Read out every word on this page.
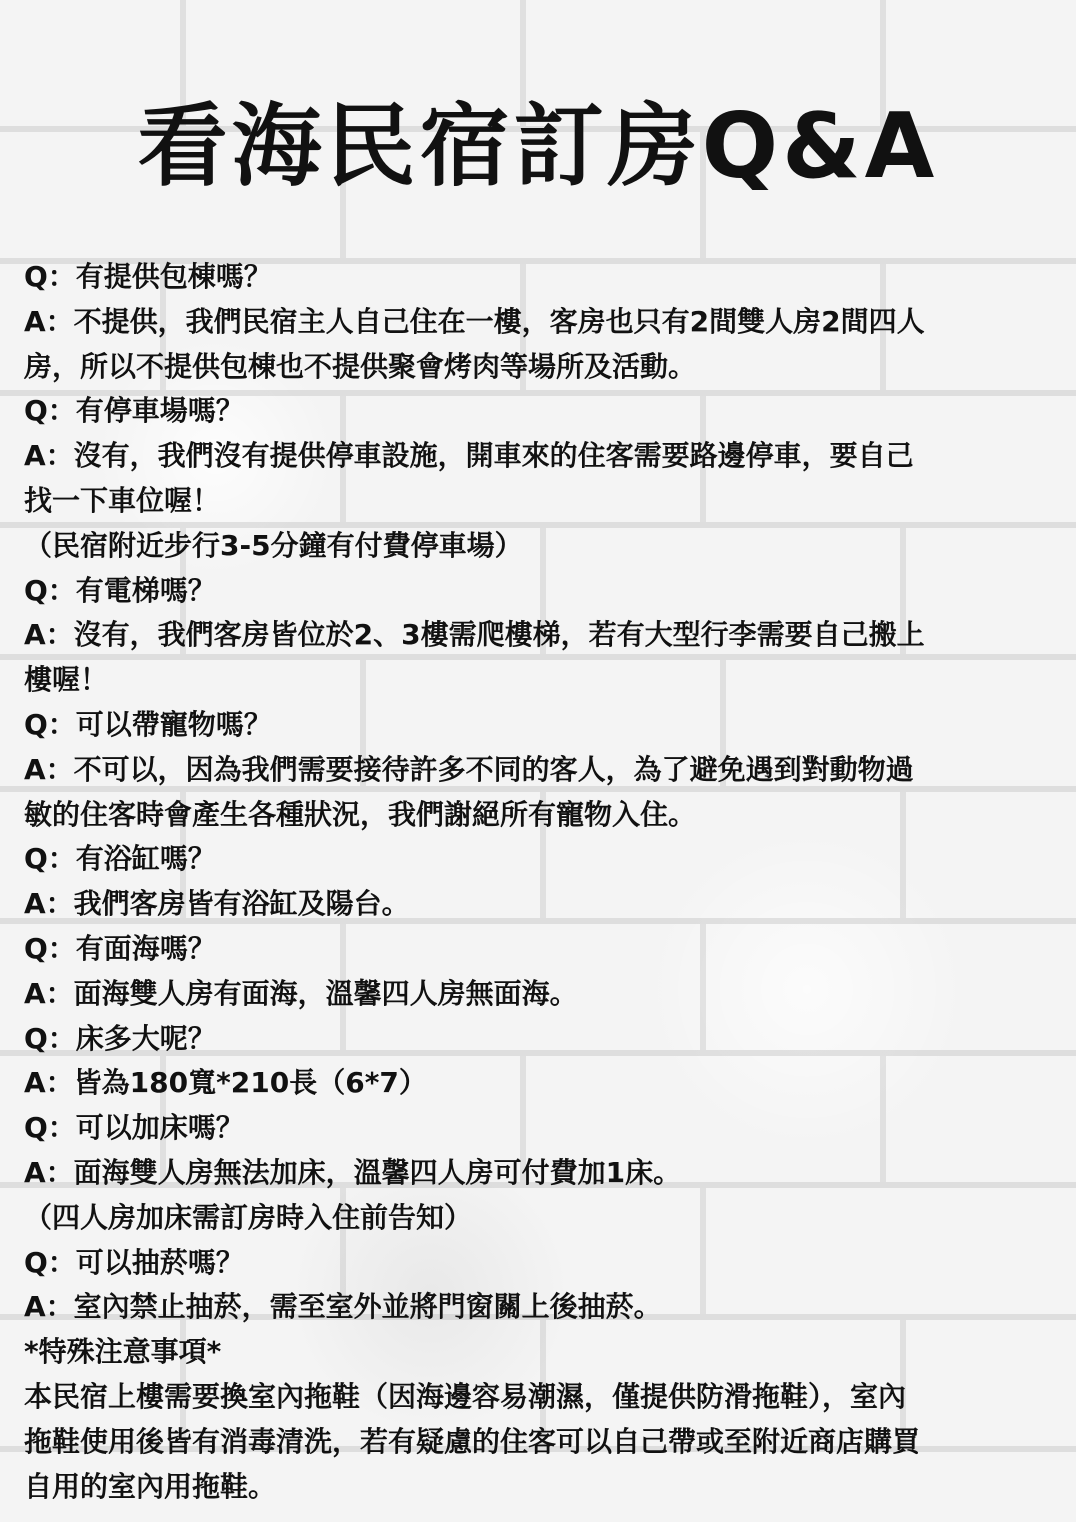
看海民宿訂房Q&A

Q：有提供包棟嗎？

A：不提供，我們民宿主人自己住在一樓，客房也只有2間雙人房2間四人

房，所以不提供包棟也不提供聚會烤肉等場所及活動。

Q：有停車場嗎？

A：沒有，我們沒有提供停車設施，開車來的住客需要路邊停車，要自己

找一下車位喔！

（民宿附近步行3-5分鐘有付費停車場）

Q：有電梯嗎？

A：沒有，我們客房皆位於2、3樓需爬樓梯，若有大型行李需要自己搬上

樓喔！

Q：可以帶寵物嗎？

A：不可以，因為我們需要接待許多不同的客人，為了避免遇到對動物過

敏的住客時會產生各種狀況，我們謝絕所有寵物入住。

Q：有浴缸嗎？

A：我們客房皆有浴缸及陽台。

Q：有面海嗎？

A：面海雙人房有面海，溫馨四人房無面海。

Q：床多大呢？

A：皆為180寬*210長（6*7）

Q：可以加床嗎？

A：面海雙人房無法加床，溫馨四人房可付費加1床。

（四人房加床需訂房時入住前告知）

Q：可以抽菸嗎？

A：室內禁止抽菸，需至室外並將門窗關上後抽菸。

*特殊注意事項*

本民宿上樓需要換室內拖鞋（因海邊容易潮濕，僅提供防滑拖鞋），室內

拖鞋使用後皆有消毒清洗，若有疑慮的住客可以自己帶或至附近商店購買

自用的室內用拖鞋。
